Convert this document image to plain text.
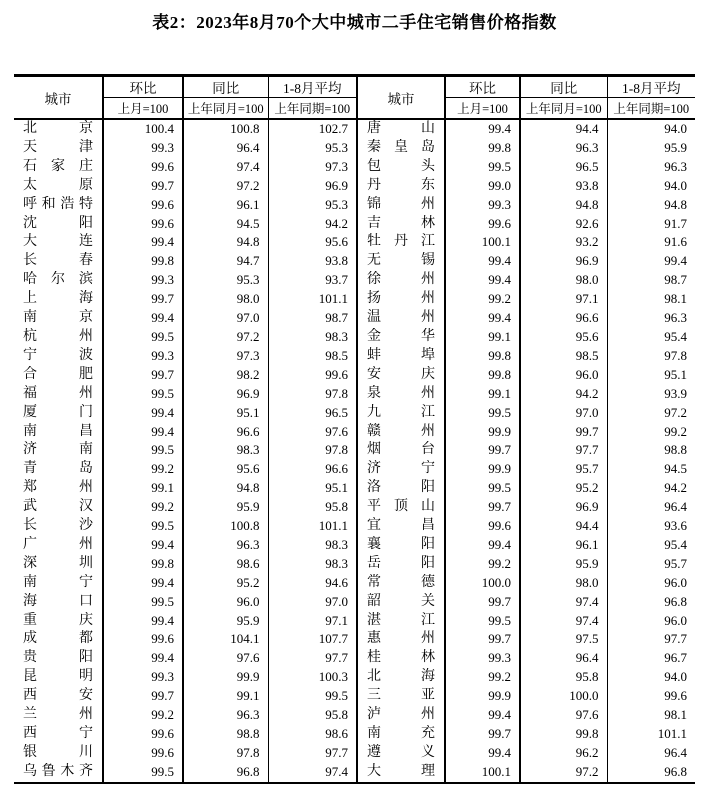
表2：2023年8月70个大中城市二手住宅销售价格指数
城市	环比	同比	1-8月平均	城市	环比	同比	1-8月平均
	上月=100	上年同月=100	上年同期=100		上月=100	上年同月=100	上年同期=100
北京	100.4	100.8	102.7	唐山	99.4	94.4	94.0
天津	99.3	96.4	95.3	秦皇岛	99.8	96.3	95.9
石家庄	99.6	97.4	97.3	包头	99.5	96.5	96.3
太原	99.7	97.2	96.9	丹东	99.0	93.8	94.0
呼和浩特	99.6	96.1	95.3	锦州	99.3	94.8	94.8
沈阳	99.6	94.5	94.2	吉林	99.6	92.6	91.7
大连	99.4	94.8	95.6	牡丹江	100.1	93.2	91.6
长春	99.8	94.7	93.8	无锡	99.4	96.9	99.4
哈尔滨	99.3	95.3	93.7	徐州	99.4	98.0	98.7
上海	99.7	98.0	101.1	扬州	99.2	97.1	98.1
南京	99.4	97.0	98.7	温州	99.4	96.6	96.3
杭州	99.5	97.2	98.3	金华	99.1	95.6	95.4
宁波	99.3	97.3	98.5	蚌埠	99.8	98.5	97.8
合肥	99.7	98.2	99.6	安庆	99.8	96.0	95.1
福州	99.5	96.9	97.8	泉州	99.1	94.2	93.9
厦门	99.4	95.1	96.5	九江	99.5	97.0	97.2
南昌	99.4	96.6	97.6	赣州	99.9	99.7	99.2
济南	99.5	98.3	97.8	烟台	99.7	97.7	98.8
青岛	99.2	95.6	96.6	济宁	99.9	95.7	94.5
郑州	99.1	94.8	95.1	洛阳	99.5	95.2	94.2
武汉	99.2	95.9	95.8	平顶山	99.7	96.9	96.4
长沙	99.5	100.8	101.1	宜昌	99.6	94.4	93.6
广州	99.4	96.3	98.3	襄阳	99.4	96.1	95.4
深圳	99.8	98.6	98.3	岳阳	99.2	95.9	95.7
南宁	99.4	95.2	94.6	常德	100.0	98.0	96.0
海口	99.5	96.0	97.0	韶关	99.7	97.4	96.8
重庆	99.4	95.9	97.1	湛江	99.5	97.4	96.0
成都	99.6	104.1	107.7	惠州	99.7	97.5	97.7
贵阳	99.4	97.6	97.7	桂林	99.3	96.4	96.7
昆明	99.3	99.9	100.3	北海	99.2	95.8	94.0
西安	99.7	99.1	99.5	三亚	99.9	100.0	99.6
兰州	99.2	96.3	95.8	泸州	99.4	97.6	98.1
西宁	99.6	98.8	98.6	南充	99.7	99.8	101.1
银川	99.6	97.8	97.7	遵义	99.4	96.2	96.4
乌鲁木齐	99.5	96.8	97.4	大理	100.1	97.2	96.8
